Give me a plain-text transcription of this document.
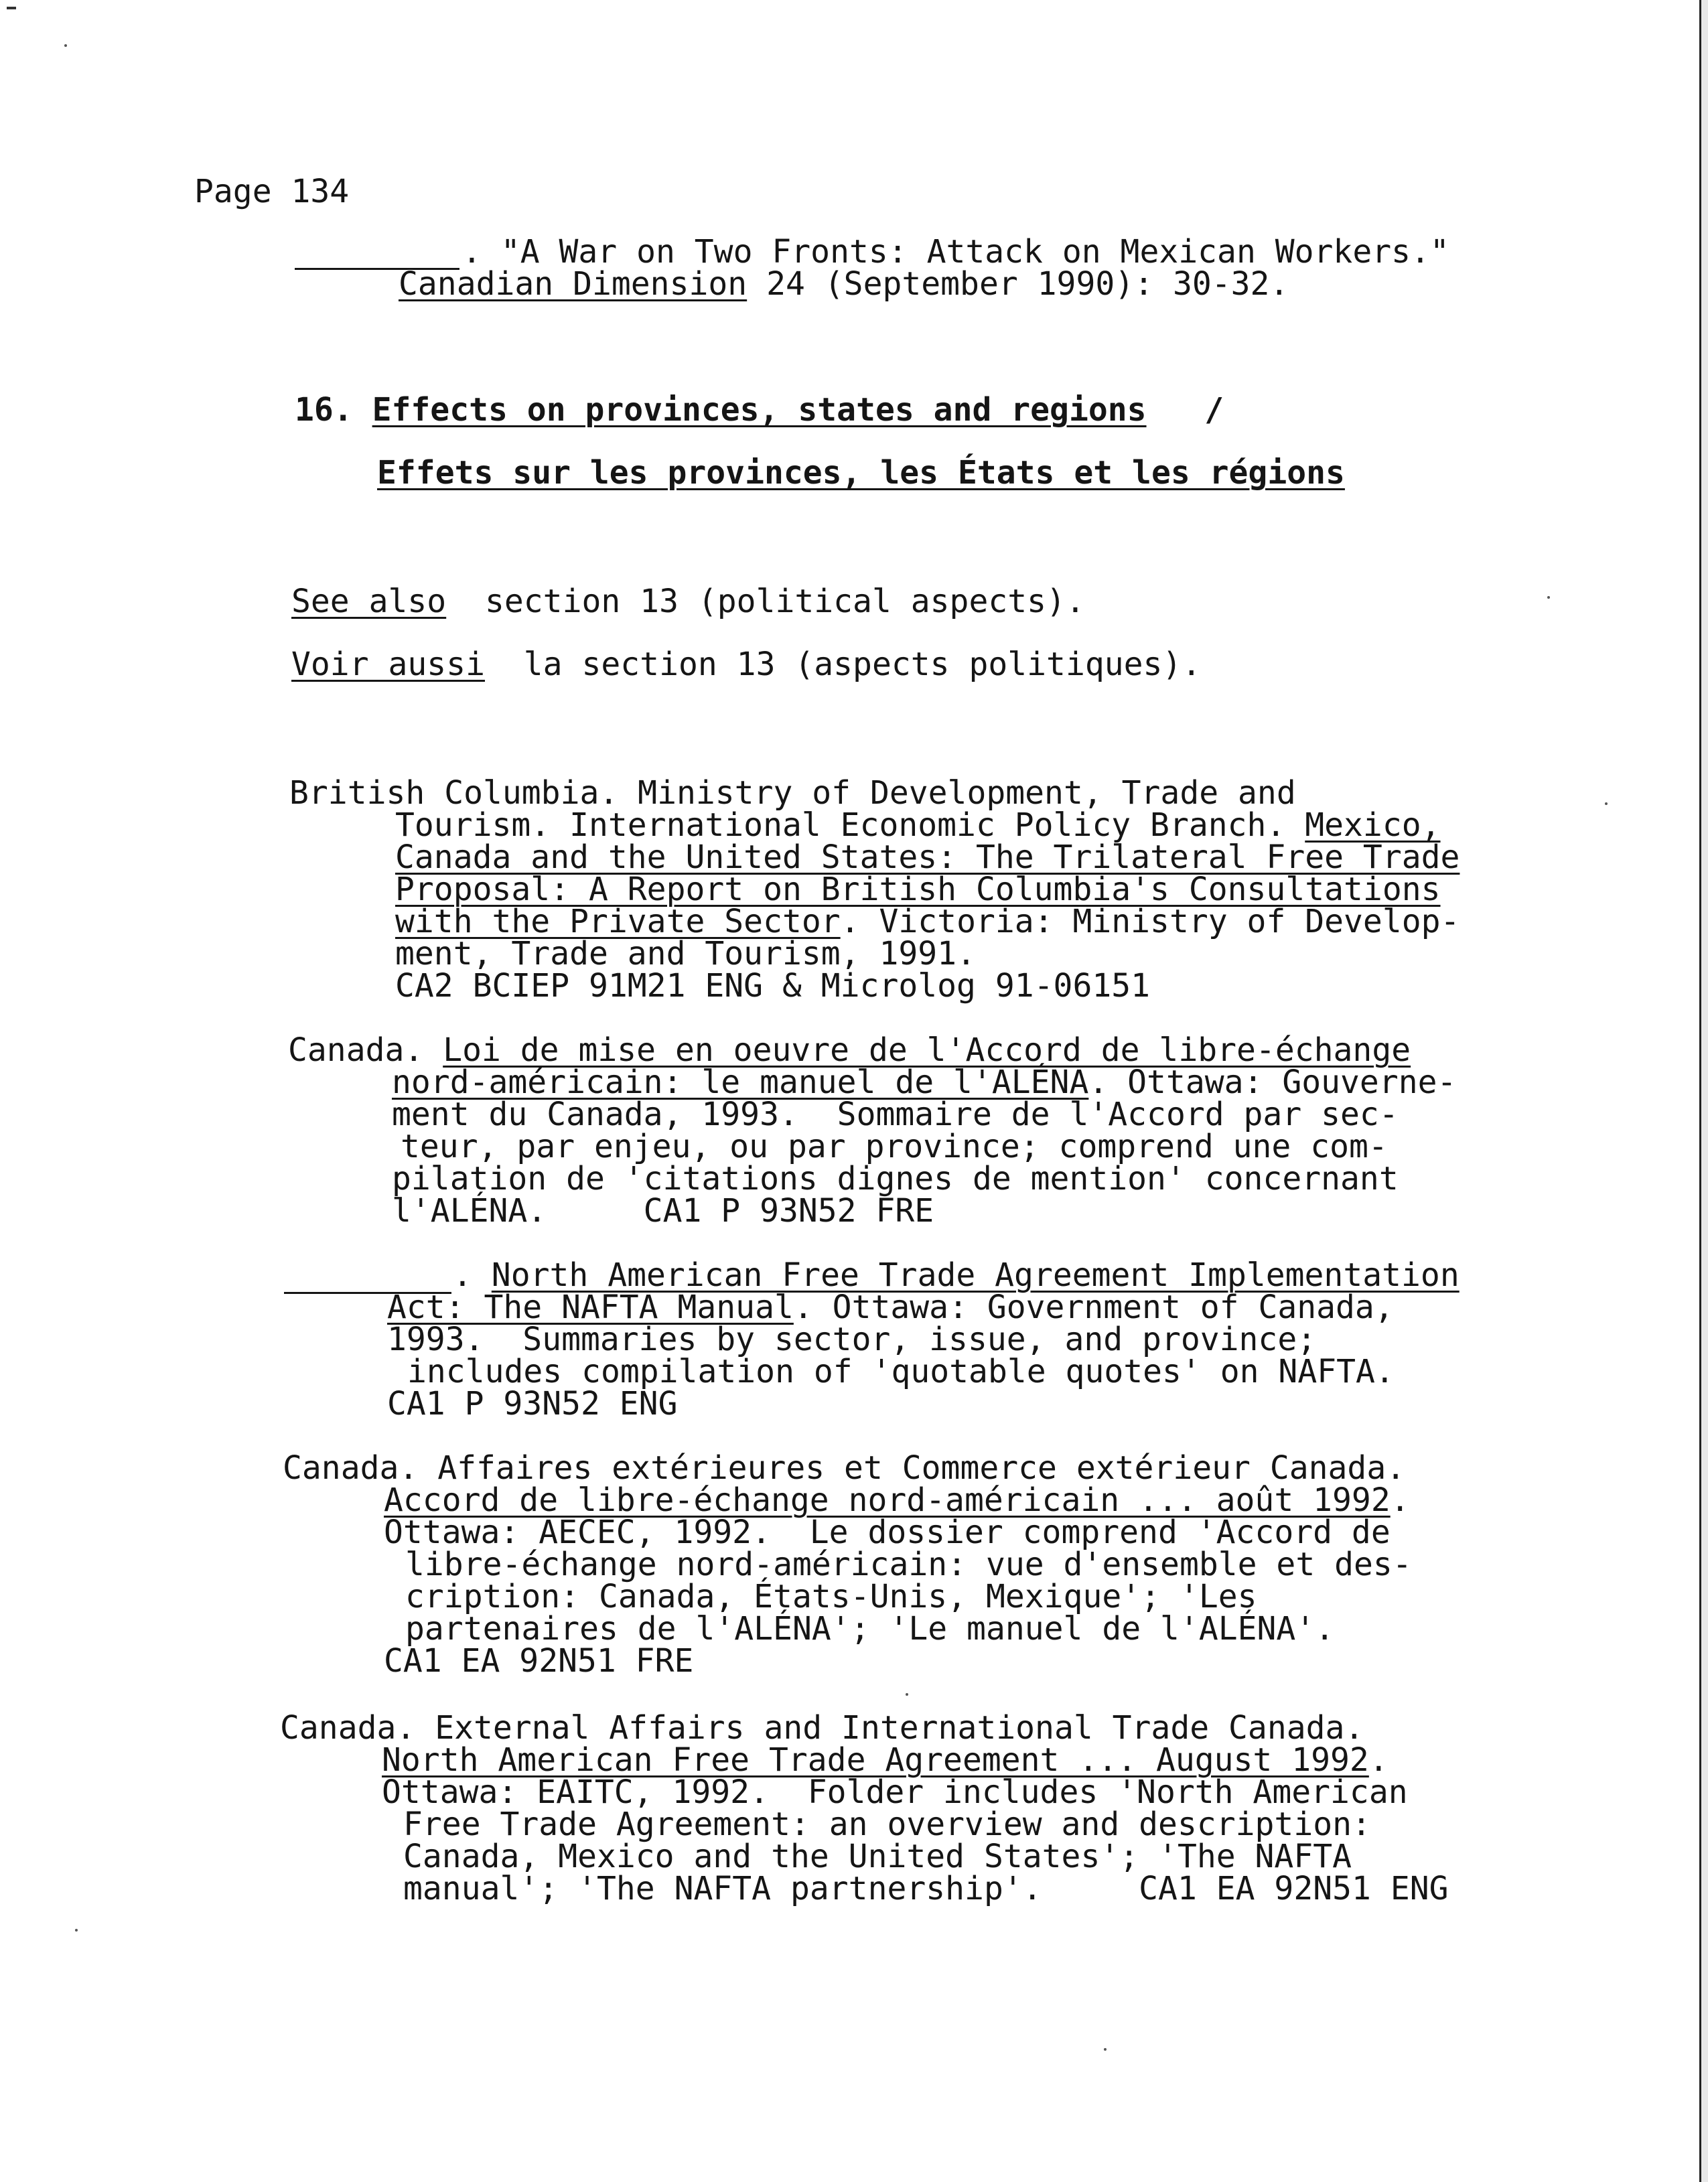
Page 134
. "A War on Two Fronts: Attack on Mexican Workers."
Canadian Dimension 24 (September 1990): 30-32.
16. Effects on provinces, states and regions /
Effets sur les provinces, les États et les régions
See also section 13 (political aspects).
Voir aussi la section 13 (aspects politiques).
British Columbia. Ministry of Development, Trade and
Tourism. International Economic Policy Branch. Mexico,
Canada and the United States: The Trilateral Free Trade
Proposal: A Report on British Columbia's Consultations
with the Private Sector. Victoria: Ministry of Develop-
ment, Trade and Tourism, 1991.
CA2 BCIEP 91M21 ENG & Microlog 91-06151
Canada. Loi de mise en oeuvre de l'Accord de libre-échange
nord-américain: le manuel de l'ALÉNA. Ottawa: Gouverne-
ment du Canada, 1993.  Sommaire de l'Accord par sec-
teur, par enjeu, ou par province; comprend une com-
pilation de 'citations dignes de mention' concernant
l'ALÉNA.     CA1 P 93N52 FRE
. North American Free Trade Agreement Implementation
Act: The NAFTA Manual. Ottawa: Government of Canada,
1993.  Summaries by sector, issue, and province;
includes compilation of 'quotable quotes' on NAFTA.
CA1 P 93N52 ENG
Canada. Affaires extérieures et Commerce extérieur Canada.
Accord de libre-échange nord-américain ... août 1992.
Ottawa: AECEC, 1992.  Le dossier comprend 'Accord de
libre-échange nord-américain: vue d'ensemble et des-
cription: Canada, États-Unis, Mexique'; 'Les
partenaires de l'ALÉNA'; 'Le manuel de l'ALÉNA'.
CA1 EA 92N51 FRE
Canada. External Affairs and International Trade Canada.
North American Free Trade Agreement ... August 1992.
Ottawa: EAITC, 1992.  Folder includes 'North American
Free Trade Agreement: an overview and description:
Canada, Mexico and the United States'; 'The NAFTA
manual'; 'The NAFTA partnership'.     CA1 EA 92N51 ENG
